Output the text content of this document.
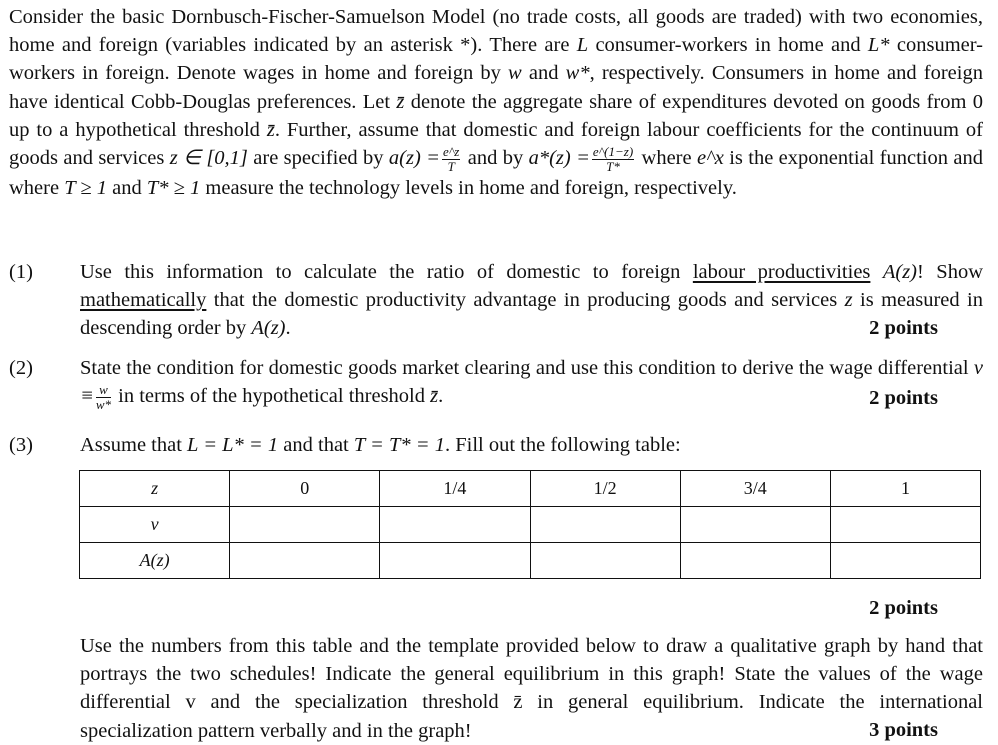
Consider the basic Dornbusch-Fischer-Samuelson Model (no trade costs, all goods are traded) with two economies, home and foreign (variables indicated by an asterisk *). There are L consumer-workers in home and L* consumer-workers in foreign. Denote wages in home and foreign by w and w*, respectively. Consumers in home and foreign have identical Cobb-Douglas preferences. Let z̄ denote the aggregate share of expenditures devoted on goods from 0 up to a hypothetical threshold z̄. Further, assume that domestic and foreign labour coefficients for the continuum of goods and services z ∈ [0,1] are specified by $a(z) = \frac{e\^{}z}{T}$ and by $a*(z) = \frac{e\^{}(1-z)}{T*}$ where e^x is the exponential function and where T ≥ 1 and T* ≥ 1 measure the technology levels in home and foreign, respectively.
(1) Use this information to calculate the ratio of domestic to foreign labour productivities A(z)! Show mathematically that the domestic productivity advantage in producing goods and services z is measured in descending order by A(z).	2 points
(2) State the condition for domestic goods market clearing and use this condition to derive the wage differential $v \equiv \frac{w}{w*}$ in terms of the hypothetical threshold z̄.	2 points
(3) Assume that L = L* = 1 and that T = T* = 1. Fill out the following table:
2 points
Use the numbers from this table and the template provided below to draw a qualitative graph by hand that portrays the two schedules! Indicate the general equilibrium in this graph! State the values of the wage differential v and the specialization threshold z̄ in general equilibrium. Indicate the international specialization pattern verbally and in the graph!	3 points
z	0	1/4	1/2	3/4	1
v					
A(z)					
